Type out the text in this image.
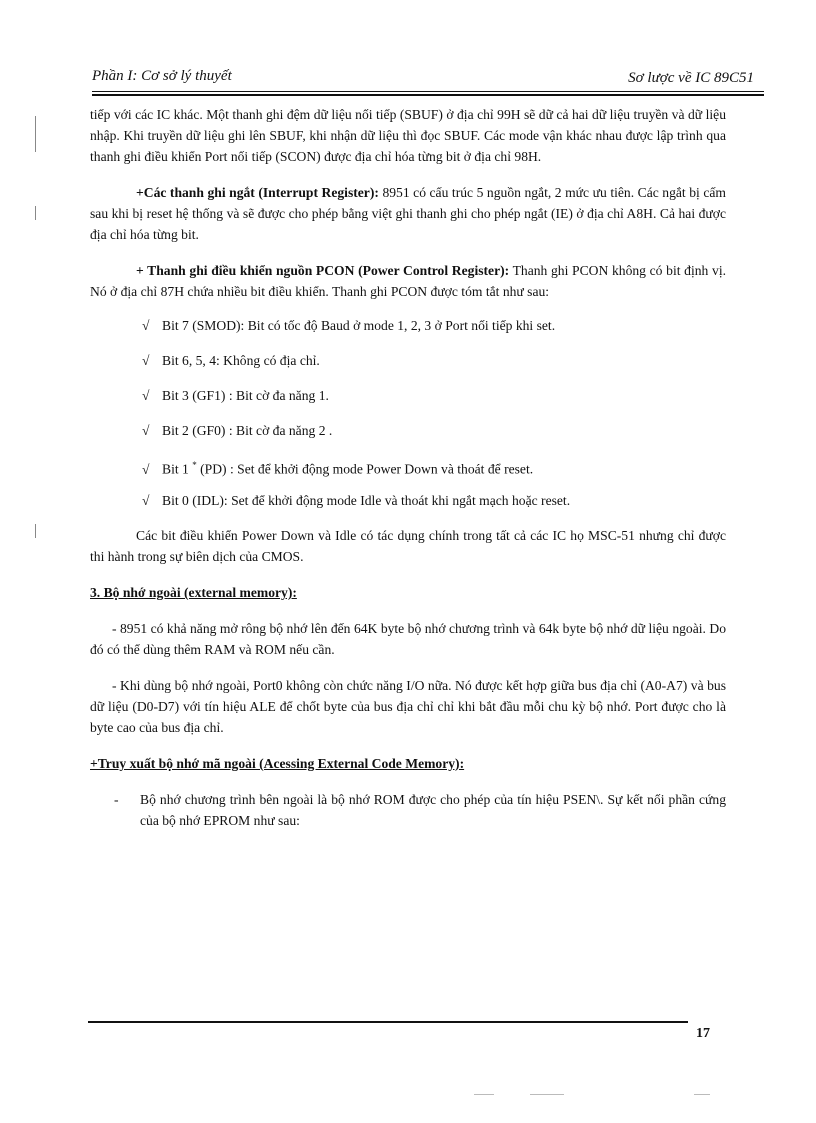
Phần I: Cơ sở lý thuyết	Sơ lược về IC 89C51

tiếp với các IC khác. Một thanh ghi đệm dữ liệu nối tiếp (SBUF) ở địa chỉ 99H sẽ dữ cả hai dữ liệu truyền và dữ liệu nhập. Khi truyền dữ liệu ghi lên SBUF, khi nhận dữ liệu thì đọc SBUF. Các mode vận khác nhau được lập trình qua thanh ghi điều khiển Port nối tiếp (SCON) được địa chỉ hóa từng bit ở địa chỉ 98H.

+Các thanh ghi ngắt (Interrupt Register): 8951 có cấu trúc 5 nguồn ngắt, 2 mức ưu tiên. Các ngắt bị cấm sau khi bị reset hệ thống và sẽ được cho phép bằng việt ghi thanh ghi cho phép ngắt (IE) ở địa chỉ A8H. Cả hai được địa chỉ hóa từng bit.

+ Thanh ghi điều khiển nguồn PCON (Power Control Register): Thanh ghi PCON không có bit định vị. Nó ở địa chỉ 87H chứa nhiều bit điều khiển. Thanh ghi PCON được tóm tắt như sau:

√ Bit 7 (SMOD): Bit có tốc độ Baud ở mode 1, 2, 3 ở Port nối tiếp khi set.
√ Bit 6, 5, 4: Không có địa chỉ.
√ Bit 3 (GF1) : Bit cờ đa năng 1.
√ Bit 2 (GF0) : Bit cờ đa năng 2 .
√ Bit 1 * (PD) : Set để khởi động mode Power Down và thoát để reset.
√ Bit 0 (IDL): Set để khởi động mode Idle và thoát khi ngắt mạch hoặc reset.

Các bit điều khiển Power Down và Idle có tác dụng chính trong tất cả các IC họ MSC-51 nhưng chỉ được thi hành trong sự biên dịch của CMOS.

3. Bộ nhớ ngoài (external memory):

- 8951 có khả năng mở rông bộ nhớ lên đến 64K byte bộ nhớ chương trình và 64k byte bộ nhớ dữ liệu ngoài. Do đó có thể dùng thêm RAM và ROM nếu cần.

- Khi dùng bộ nhớ ngoài, Port0 không còn chức năng I/O nữa. Nó được kết hợp giữa bus địa chỉ (A0-A7) và bus dữ liệu (D0-D7) với tín hiệu ALE để chốt byte của bus địa chỉ chỉ khi bắt đầu mỗi chu kỳ bộ nhớ. Port được cho là byte cao của bus địa chỉ.

+Truy xuất bộ nhớ mã ngoài (Acessing External Code Memory):

-	Bộ nhớ chương trình bên ngoài là bộ nhớ ROM được cho phép của tín hiệu PSEN\. Sự kết nối phần cứng của bộ nhớ EPROM như sau:
17
